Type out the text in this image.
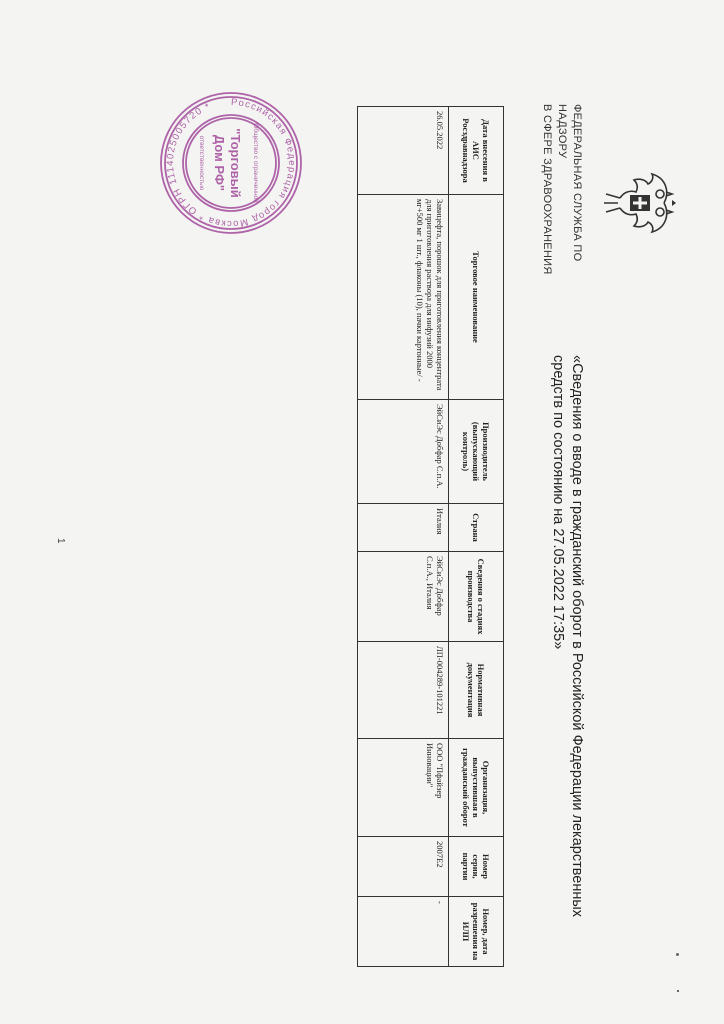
ФЕДЕРАЛЬНАЯ СЛУЖБА ПО НАДЗОРУ
В СФЕРЕ ЗДРАВООХРАНЕНИЯ
«Сведения о вводе в гражданский оборот в Российской Федерации лекарственных
средств по состоянию на 27.05.2022 17:35»
Российская Федерация город Москва * ОГРН 1114025005720 *
Общество с ограниченной
"Торговый
Дом РФ"
ответственностью	Дата внесения в АИС Росздравнадзора	Торговое наименование	Производитель (выпускающий контроль)	Страна	Сведения о стадиях производства	Нормативная документация	Организация, выпустившая в гражданский оборот	Номер серии, партии	Номер, дата разрешения на ИЛП
26.05.2022	Завицефта, порошок для приготовления концентрата для приготовления раствора для инфузий 2000 мг+500 мг 1 шт., флаконы (10), пачки картонные/ -	ЭйСиЭс Добфар С.п.А.	Италия	ЭйСиЭс Добфар С.п.А., Италия	ЛП-004289-101221	ООО "Пфайзер Инновации"	2007E2	-
1
